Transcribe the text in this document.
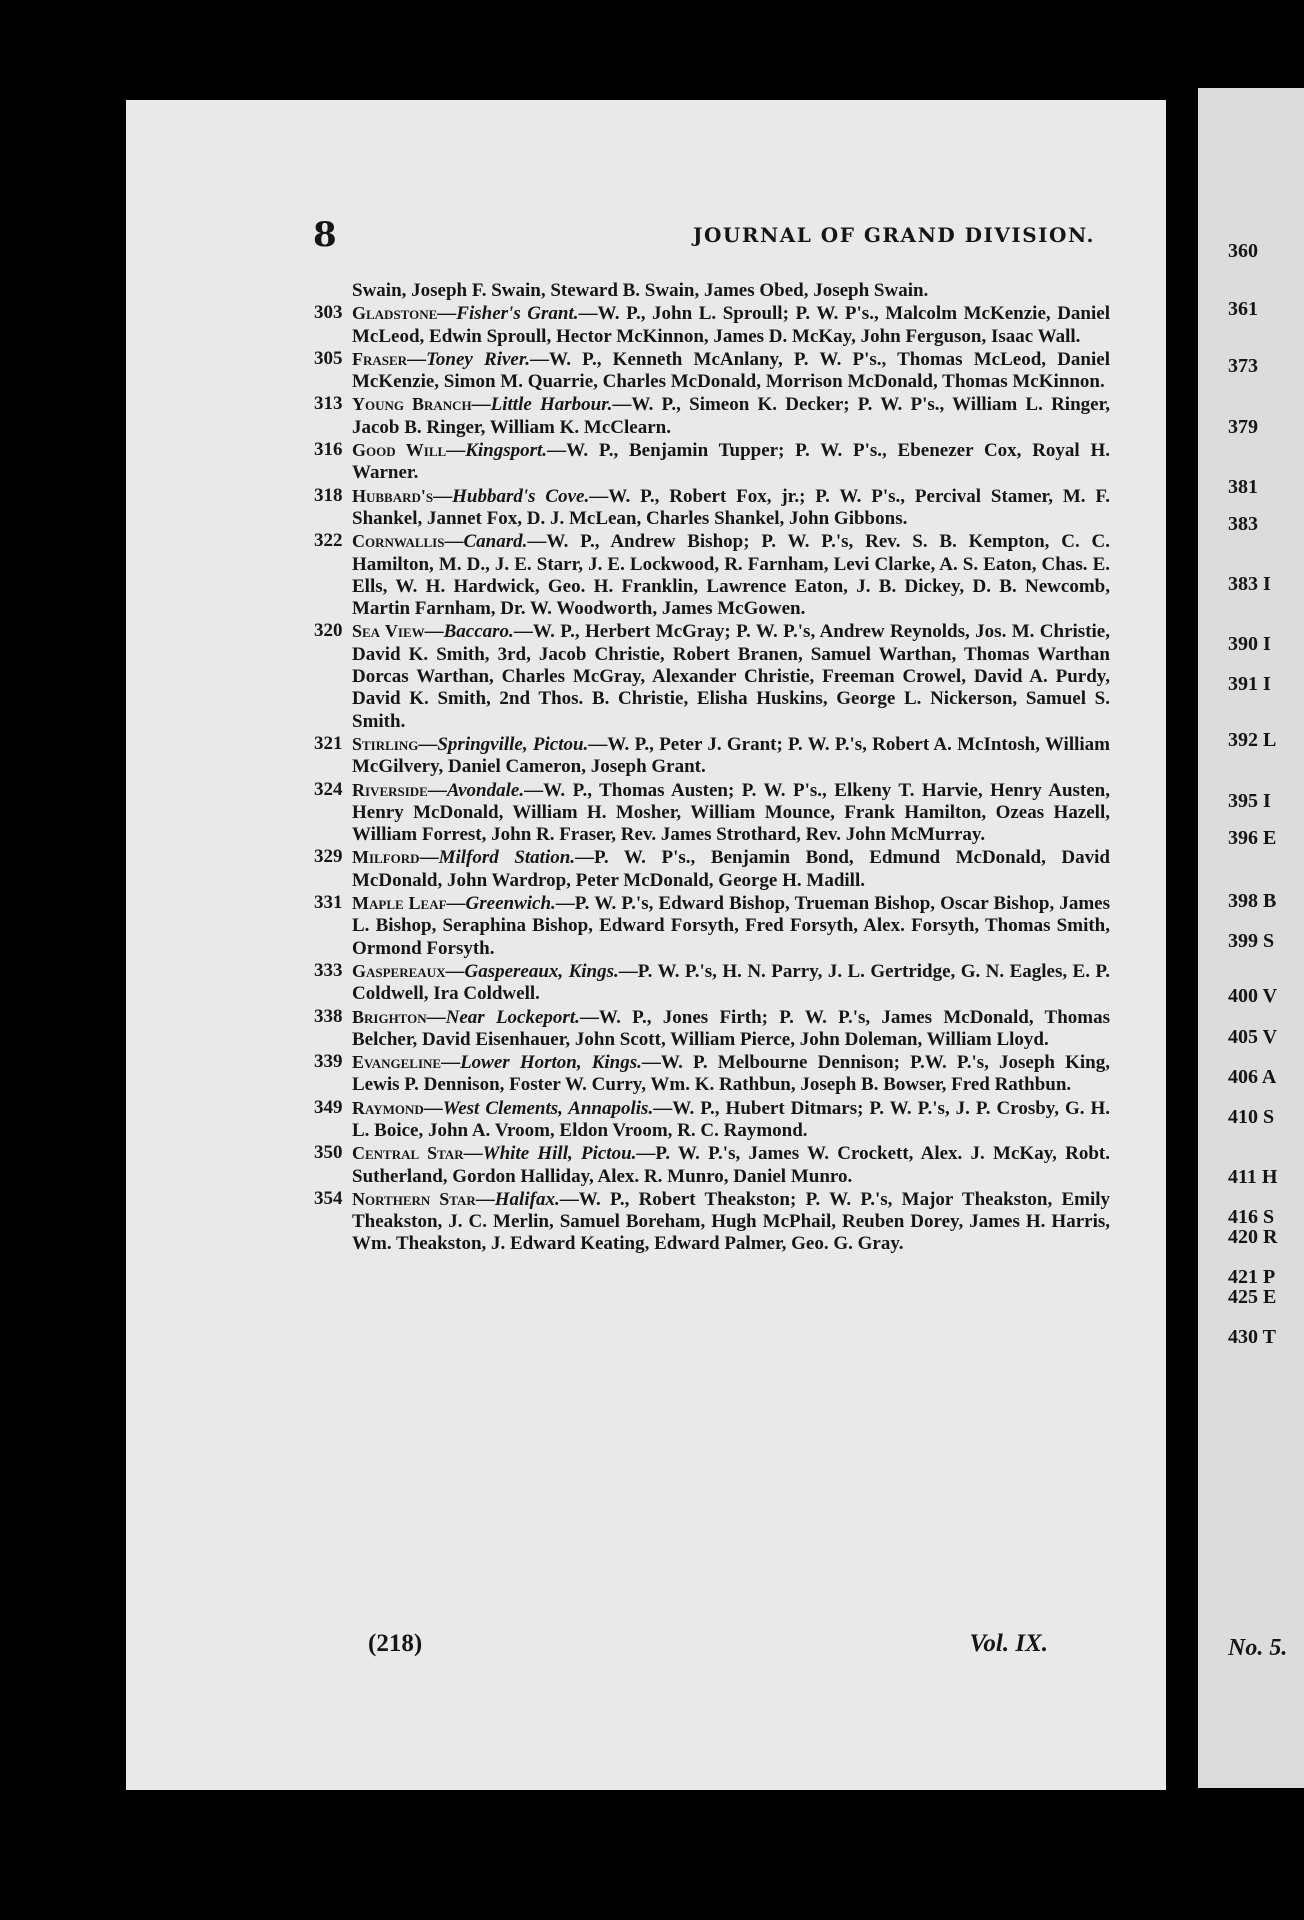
8	JOURNAL OF GRAND DIVISION.
Swain, Joseph F. Swain, Steward B. Swain, James Obed, Joseph Swain.
303 Gladstone—Fisher's Grant.—W. P., John L. Sproull; P. W. P's., Malcolm McKenzie, Daniel McLeod, Edwin Sproull, Hector McKinnon, James D. McKay, John Ferguson, Isaac Wall.
305 Fraser—Toney River.—W. P., Kenneth McAnlany, P. W. P's., Thomas McLeod, Daniel McKenzie, Simon M. Quarrie, Charles McDonald, Morrison McDonald, Thomas McKinnon.
313 Young Branch—Little Harbour.—W. P., Simeon K. Decker; P. W. P's., William L. Ringer, Jacob B. Ringer, William K. McClearn.
316 Good Will—Kingsport.—W. P., Benjamin Tupper; P. W. P's., Ebenezer Cox, Royal H. Warner.
318 Hubbard's—Hubbard's Cove.—W. P., Robert Fox, jr.; P. W. P's., Percival Stamer, M. F. Shankel, Jannet Fox, D. J. McLean, Charles Shankel, John Gibbons.
322 Cornwallis—Canard.—W. P., Andrew Bishop; P. W. P.'s, Rev. S. B. Kempton, C. C. Hamilton, M. D., J. E. Starr, J. E. Lockwood, R. Farnham, Levi Clarke, A. S. Eaton, Chas. E. Ells, W. H. Hardwick, Geo. H. Franklin, Lawrence Eaton, J. B. Dickey, D. B. Newcomb, Martin Farnham, Dr. W. Woodworth, James McGowen.
320 Sea View—Baccaro.—W. P., Herbert McGray; P. W. P.'s, Andrew Reynolds, Jos. M. Christie, David K. Smith, 3rd, Jacob Christie, Robert Branen, Samuel Warthan, Thomas Warthan Dorcas Warthan, Charles McGray, Alexander Christie, Freeman Crowel, David A. Purdy, David K. Smith, 2nd Thos. B. Christie, Elisha Huskins, George L. Nickerson, Samuel S. Smith.
321 Stirling—Springville, Pictou.—W. P., Peter J. Grant; P. W. P.'s, Robert A. McIntosh, William McGilvery, Daniel Cameron, Joseph Grant.
324 Riverside—Avondale.—W. P., Thomas Austen; P. W. P's., Elkeny T. Harvie, Henry Austen, Henry McDonald, William H. Mosher, William Mounce, Frank Hamilton, Ozeas Hazell, William Forrest, John R. Fraser, Rev. James Strothard, Rev. John McMurray.
329 Milford—Milford Station.—P. W. P's., Benjamin Bond, Edmund McDonald, David McDonald, John Wardrop, Peter McDonald, George H. Madill.
331 Maple Leaf—Greenwich.—P. W. P.'s, Edward Bishop, Trueman Bishop, Oscar Bishop, James L. Bishop, Seraphina Bishop, Edward Forsyth, Fred Forsyth, Alex. Forsyth, Thomas Smith, Ormond Forsyth.
333 Gaspereaux—Gaspereaux, Kings.—P. W. P.'s, H. N. Parry, J. L. Gertridge, G. N. Eagles, E. P. Coldwell, Ira Coldwell.
338 Brighton—Near Lockeport.—W. P., Jones Firth; P. W. P.'s, James McDonald, Thomas Belcher, David Eisenhauer, John Scott, William Pierce, John Doleman, William Lloyd.
339 Evangeline—Lower Horton, Kings.—W. P. Melbourne Dennison; P.W. P.'s, Joseph King, Lewis P. Dennison, Foster W. Curry, Wm. K. Rathbun, Joseph B. Bowser, Fred Rathbun.
349 Raymond—West Clements, Annapolis.—W. P., Hubert Ditmars; P. W. P.'s, J. P. Crosby, G. H. L. Boice, John A. Vroom, Eldon Vroom, R. C. Raymond.
350 Central Star—White Hill, Pictou.—P. W. P.'s, James W. Crockett, Alex. J. McKay, Robt. Sutherland, Gordon Halliday, Alex. R. Munro, Daniel Munro.
354 Northern Star—Halifax.—W. P., Robert Theakston; P. W. P.'s, Major Theakston, Emily Theakston, J. C. Merlin, Samuel Boreham, Hugh McPhail, Reuben Dorey, James H. Harris, Wm. Theakston, J. Edward Keating, Edward Palmer, Geo. G. Gray.
(218)	Vol. IX.
360
361
373
379
381
383
383 I
390 I
391 I
392 L
395 I
396 E
398 B
399 S
400 V
405 V
406 A
410 S
411 H
416 S
420 R
421 P
425 E
430 T
No. 5.
